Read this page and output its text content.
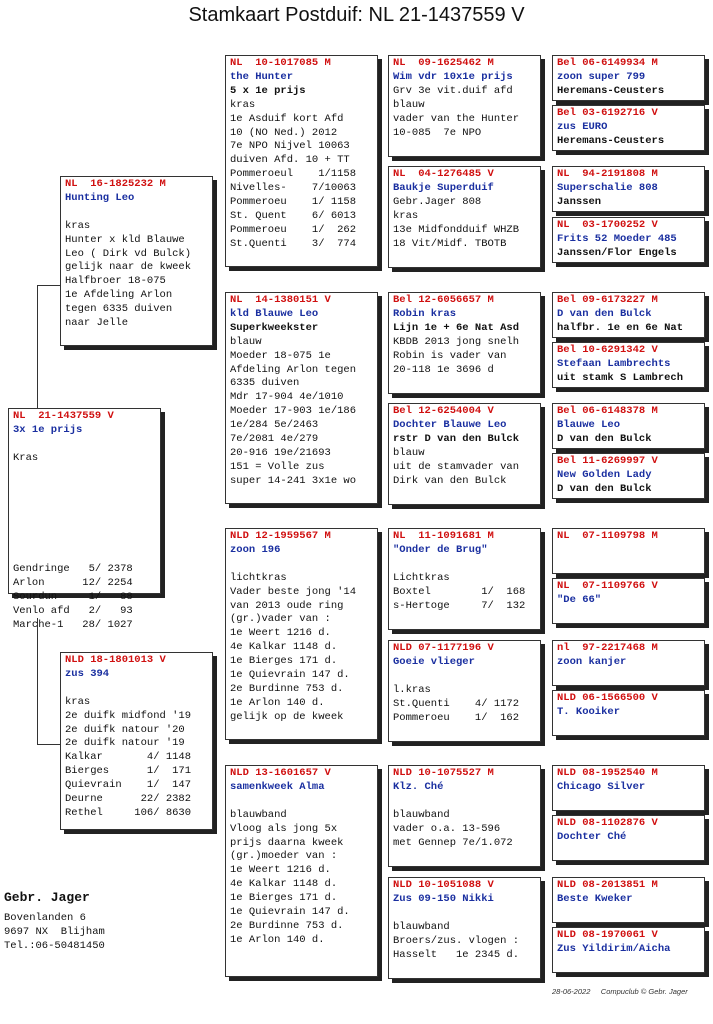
Stamkaart Postduif: NL 21-1437559 V
NL  21-1437559 V
3x 1e prijs

Kras

Gendringe   5/ 2378
Arlon      12/ 2254
Sourdun     1/   88
Venlo afd   2/   93
Marche-1   28/ 1027
NL  16-1825232 M
Hunting Leo

kras
Hunter x kld Blauwe
Leo ( Dirk vd Bulck)
gelijk naar de kweek
Halfbroer 18-075
1e Afdeling Arlon
tegen 6335 duiven
naar Jelle
NLD 18-1801013 V
zus 394

kras
2e duifk midfond '19
2e duifk natour '20
2e duifk natour '19
Kalkar       4/ 1148
Bierges      1/  171
Quievrain    1/  147
Deurne      22/ 2382
Rethel     106/ 8630
NL  10-1017085 M
the Hunter
5 x 1e prijs
kras
1e Asduif kort Afd
10 (NO Ned.) 2012
7e NPO Nijvel 10063
duiven Afd. 10 + TT
Pommeroeul    1/1158
Nivelles-    7/10063
Pommeroeu    1/ 1158
St. Quent    6/ 6013
Pommeroeu    1/  262
St.Quenti    3/  774
NL  14-1380151 V
kld Blauwe Leo
Superkweekster
blauw
Moeder 18-075 1e
Afdeling Arlon tegen
6335 duiven
Mdr 17-904 4e/1010
Moeder 17-903 1e/186
1e/284 5e/2463
7e/2081 4e/279
20-916 19e/21693
151 = Volle zus
super 14-241 3x1e wo
NLD 12-1959567 M
zoon 196

lichtkras
Vader beste jong '14
van 2013 oude ring
(gr.)vader van :
1e Weert 1216 d.
4e Kalkar 1148 d.
1e Bierges 171 d.
1e Quievrain 147 d.
2e Burdinne 753 d.
1e Arlon 140 d.
gelijk op de kweek
NLD 13-1601657 V
samenkweek Alma

blauwband
Vloog als jong 5x
prijs daarna kweek
(gr.)moeder van :
1e Weert 1216 d.
4e Kalkar 1148 d.
1e Bierges 171 d.
1e Quievrain 147 d.
2e Burdinne 753 d.
1e Arlon 140 d.
NL  09-1625462 M
Wim vdr 10x1e prijs
Grv 3e vit.duif afd
blauw
vader van the Hunter
10-085  7e NPO
NL  04-1276485 V
Baukje Superduif
Gebr.Jager 808
kras
13e Midfondduif WHZB
18 Vit/Midf. TBOTB
Bel 12-6056657 M
Robin kras
Lijn 1e + 6e Nat Asd
KBDB 2013 jong snelh
Robin is vader van
20-118 1e 3696 d
Bel 12-6254004 V
Dochter Blauwe Leo
rstr D van den Bulck
blauw
uit de stamvader van
Dirk van den Bulck
NL  11-1091681 M
"Onder de Brug"

Lichtkras
Boxtel        1/  168
s-Hertoge     7/  132
NLD 07-1177196 V
Goeie vlieger

l.kras
St.Quenti    4/ 1172
Pommeroeu    1/  162
NLD 10-1075527 M
Klz. Ché

blauwband
vader o.a. 13-596
met Gennep 7e/1.072
NLD 10-1051088 V
Zus 09-150 Nikki

blauwband
Broers/zus. vlogen :
Hasselt   1e 2345 d.
Bel 06-6149934 M
zoon super 799
Heremans-Ceusters
Bel 03-6192716 V
zus EURO
Heremans-Ceusters
NL  94-2191808 M
Superschalie 808
Janssen
NL  03-1700252 V
Frits 52 Moeder 485
Janssen/Flor Engels
Bel 09-6173227 M
D van den Bulck
halfbr. 1e en 6e Nat
Bel 10-6291342 V
Stefaan Lambrechts
uit stamk S Lambrech
Bel 06-6148378 M
Blauwe Leo
D van den Bulck
Bel 11-6269997 V
New Golden Lady
D van den Bulck
NL  07-1109798 M

NL  07-1109766 V
"De 66"

nl  97-2217468 M
zoon kanjer

NLD 06-1566500 V
T. Kooiker

NLD 08-1952540 M
Chicago Silver

NLD 08-1102876 V
Dochter Ché

NLD 08-2013851 M
Beste Kweker

NLD 08-1970061 V
Zus Yildirim/Aicha

Gebr. Jager
Bovenlanden 6
9697 NX  Blijham
Tel.:06-50481450
28-06-2022     Compuclub © Gebr. Jager
